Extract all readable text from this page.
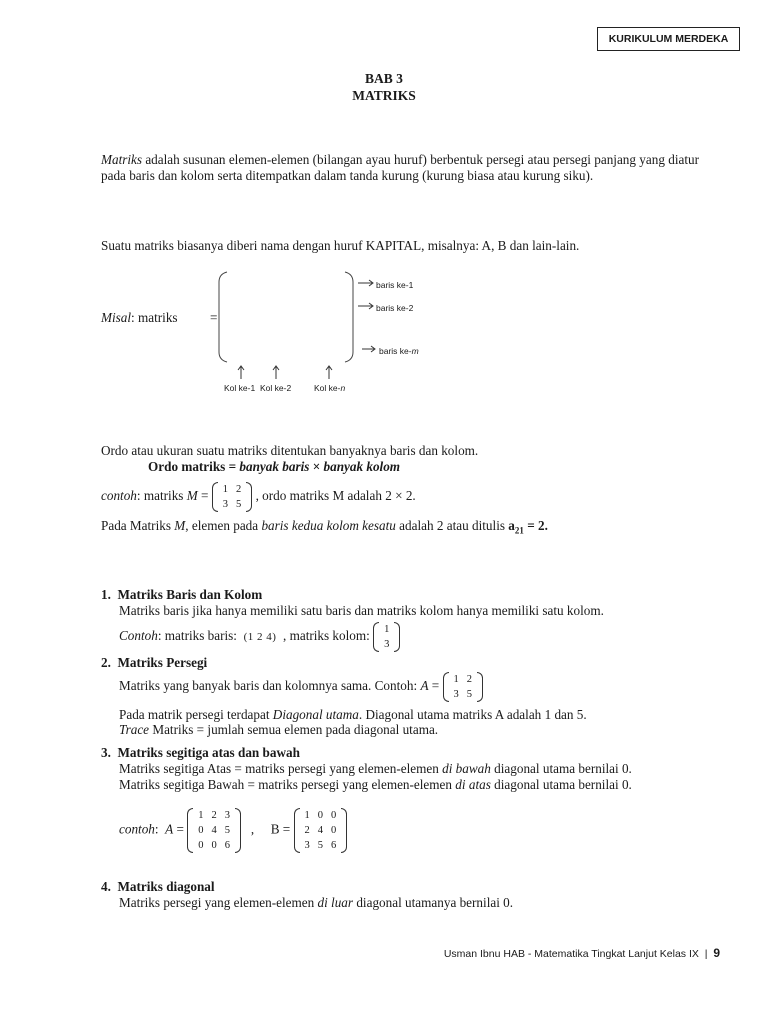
KURIKULUM MERDEKA
BAB 3
MATRIKS
Matriks adalah susunan elemen-elemen (bilangan ayau huruf) berbentuk persegi atau persegi panjang yang diatur pada baris dan kolom serta ditempatkan dalam tanda kurung (kurung biasa atau kurung siku).
Suatu matriks biasanya diberi nama dengan huruf KAPITAL, misalnya: A, B dan lain-lain.
Misal: matriks =
baris ke-1
baris ke-2
baris ke-m
Kol ke-1 Kol ke-2	Kol ke-n
Ordo atau ukuran suatu matriks ditentukan banyaknya baris dan kolom.
Ordo matriks = banyak baris × banyak kolom
contoh: matriks M = 1	2
3	5
, ordo matriks M adalah 2 × 2.
Pada Matriks M, elemen pada baris kedua kolom kesatu adalah 2 atau ditulis $a_{21} = 2$.
1. Matriks Baris dan Kolom
Matriks baris jika hanya memiliki satu baris dan matriks kolom hanya memiliki satu kolom.
Contoh: matriks baris: (1 2 4) , matriks kolom: 1
3
2. Matriks Persegi
Matriks yang banyak baris dan kolomnya sama. Contoh: A = 1	2
3	5
Pada matrik persegi terdapat Diagonal utama. Diagonal utama matriks A adalah 1 dan 5.
Trace Matriks = jumlah semua elemen pada diagonal utama.
3. Matriks segitiga atas dan bawah
Matriks segitiga Atas = matriks persegi yang elemen-elemen di bawah diagonal utama bernilai 0.
Matriks segitiga Bawah = matriks persegi yang elemen-elemen di atas diagonal utama bernilai 0.
contoh:  A =
1	2	3
0	4	5
0	0	6
, B =
1	0	0
2	4	0
3	5	6
4. Matriks diagonal
Matriks persegi yang elemen-elemen di luar diagonal utamanya bernilai 0.
Usman Ibnu HAB - Matematika Tingkat Lanjut Kelas IX | 9
